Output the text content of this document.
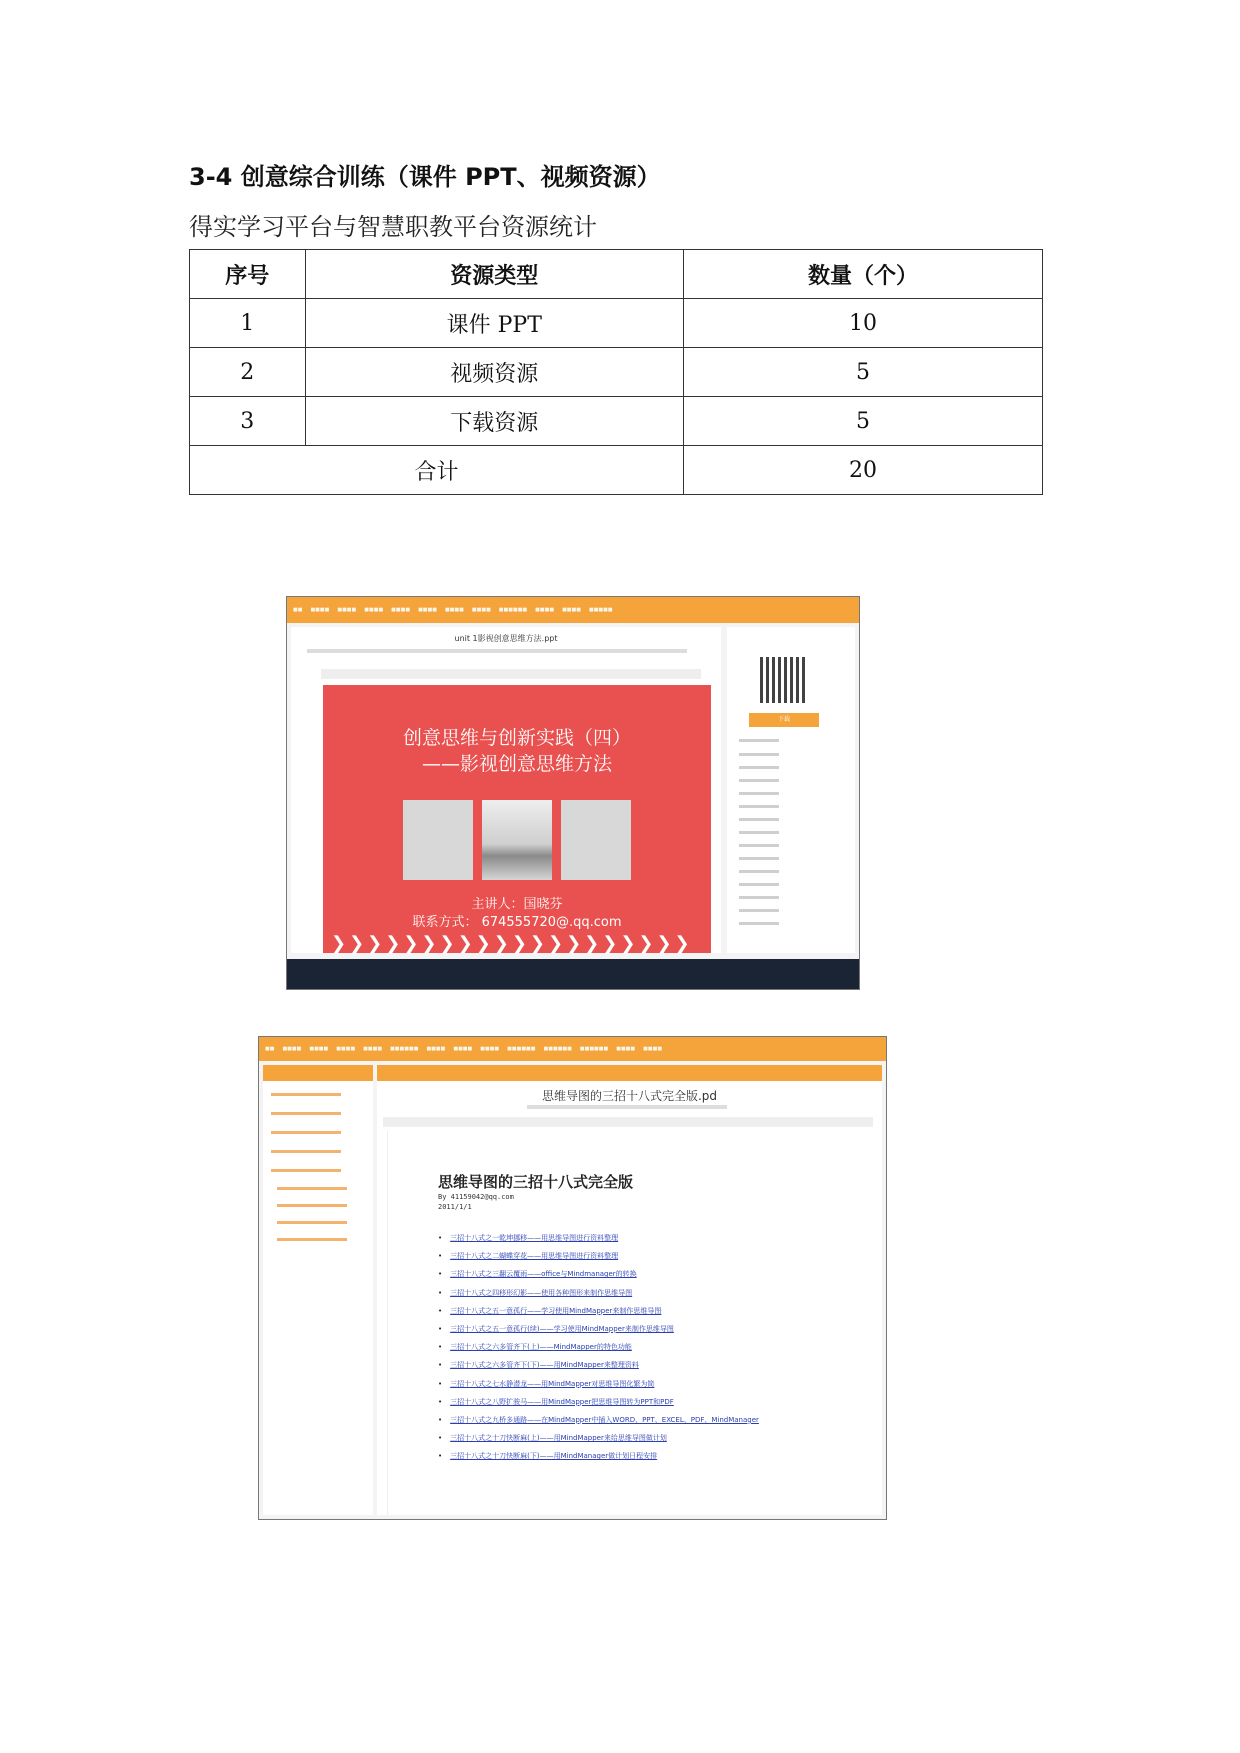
3-4 创意综合训练（课件 PPT、视频资源）
得实学习平台与智慧职教平台资源统计
序号	资源类型	数量（个）
1	课件 PPT	10
2	视频资源	5
3	下载资源	5
合计		20
■■ ■■■■ ■■■■ ■■■■ ■■■■ ■■■■ ■■■■ ■■■■ ■■■■■■ ■■■■ ■■■■ ■■■■■
unit 1影视创意思维方法.ppt
创意思维与创新实践（四）
——影视创意思维方法
主讲人：国晓芬
联系方式： 674555720@.qq.com
❯❯❯❯❯❯❯❯❯❯❯❯❯❯❯❯❯❯❯❯
下载
■■ ■■■■ ■■■■ ■■■■ ■■■■ ■■■■■■ ■■■■ ■■■■ ■■■■ ■■■■■■ ■■■■■■ ■■■■■■ ■■■■ ■■■■
思维导图的三招十八式完全版.pd
思维导图的三招十八式完全版
By 41159042@qq.com
2011/1/1
• 三招十八式之一乾坤挪移——用思维导图进行资料整理
• 三招十八式之二蝴蝶穿花——用思维导图进行资料整理
• 三招十八式之三翻云覆雨——office与Mindmanager的转换
• 三招十八式之四移形幻影——使用各种图形来制作思维导图
• 三招十八式之五一意孤行——学习使用MindMapper来制作思维导图
• 三招十八式之五一意孤行(续)——学习使用MindMapper来制作思维导图
• 三招十八式之六多管齐下(上)——MindMapper的特色功能
• 三招十八式之六多管齐下(下)——用MindMapper来整理资料
• 三招十八式之七水静潜龙——用MindMapper对思维导图化繁为简
• 三招十八式之八野扩骏马——用MindMapper把思维导图转为PPT和PDF
• 三招十八式之九桥多通路——在MindMapper中插入WORD、PPT、EXCEL、PDF、MindManager
• 三招十八式之十刀快断麻(上)——用MindMapper来给思维导图做计划
• 三招十八式之十刀快断麻(下)——用MindManager做计划日程安排
